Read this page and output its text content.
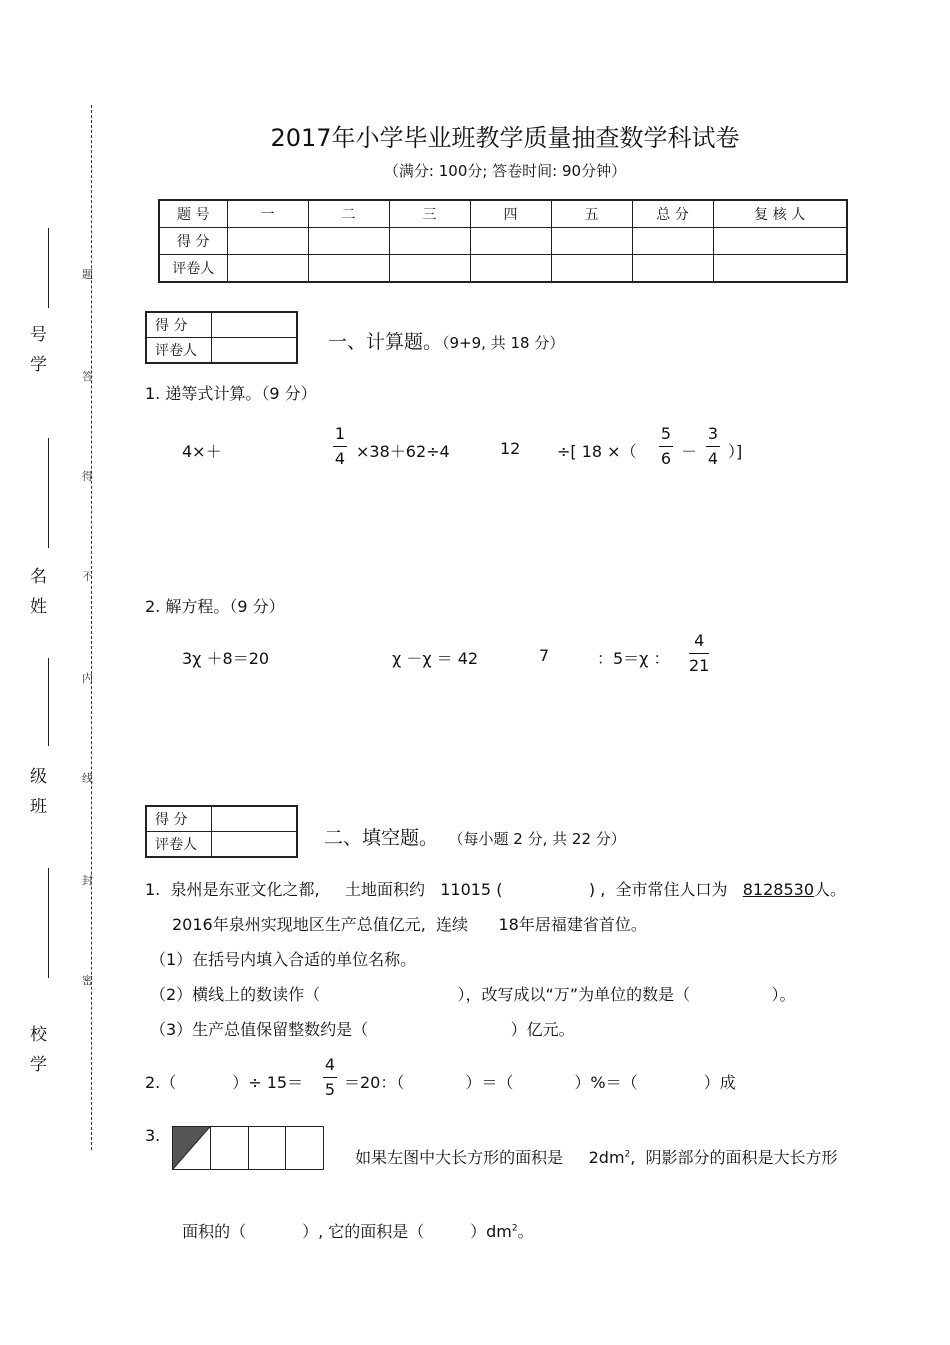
号
学
名
姓
级
班
校
学
题
答
得
不
内
线
封
密
2017年小学毕业班教学质量抽查数学科试卷
（满分: 100分; 答卷时间: 90分钟）
题 号	一	二	三	四	五	总 分	复 核 人
得 分							
评卷人							
得 分	
评卷人		一、计算题。（9+9, 共 18 分）
1. 递等式计算。（9 分）
4×＋
1
4 ×38＋62÷4	12 ÷[ 18 ×（
5
6 －
3
4 ）]
2. 解方程。（9 分）
3χ ＋8＝20	χ －χ ＝ 42	7	：5＝χ ：
4
21
得 分	
评卷人		二、填空题。 （每小题 2 分, 共 22 分）
1.  泉州是东亚文化之都,     土地面积约   11015 (                 ) ,  全市常住人口为   8128530人。
2016年泉州实现地区生产总值亿元,  连续      18年居福建省首位。
（1）在括号内填入合适的单位名称。
（2）横线上的数读作（                           ），改写成以“万”为单位的数是（                ）。
（3）生产总值保留整数约是（                            ）亿元。
2.（           ）÷ 15＝
4
5 ＝20：（            ）＝（            ）%＝（             ）成
3.

如果左图中大长方形的面积是     $2dm^2$,  阴影部分的面积是大长方形

面积的（           ）, 它的面积是（         ）$dm^2$。
